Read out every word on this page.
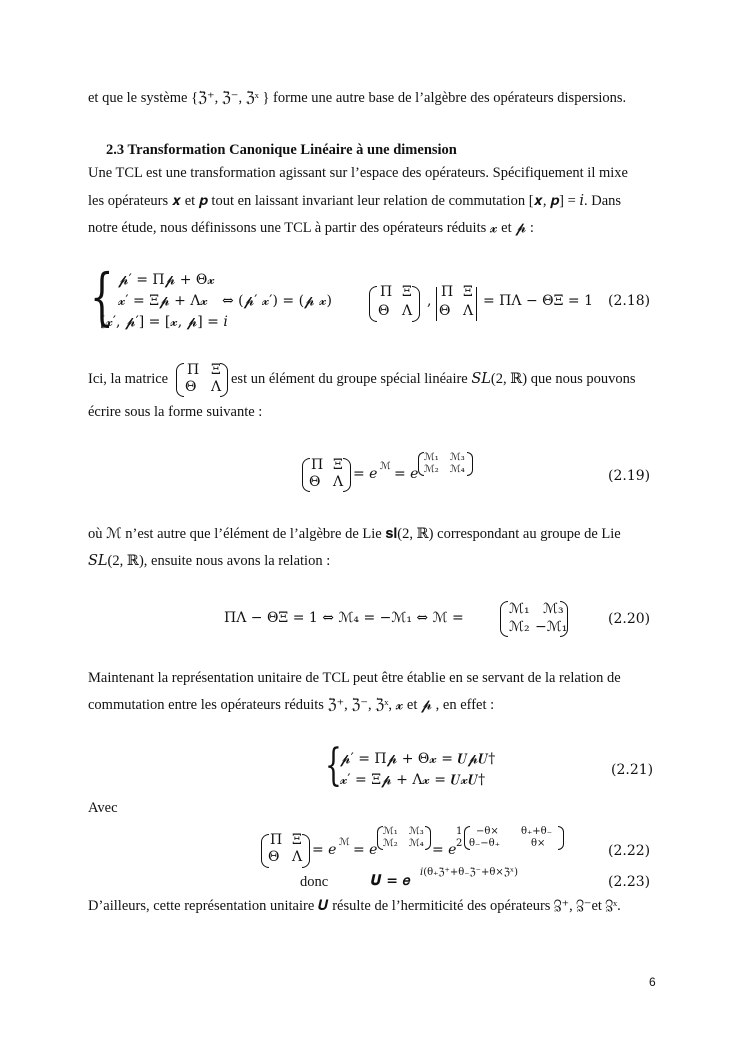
et que le système {ℨ⁺, ℨ⁻, ℨˣ } forme une autre base de l’algèbre des opérateurs dispersions.
2.3 Transformation Canonique Linéaire à une dimension
Une TCL est une transformation agissant sur l’espace des opérateurs. Spécifiquement il mixe
les opérateurs 𝒙 et 𝒑 tout en laissant invariant leur relation de commutation [𝒙, 𝒑] = 𝑖. Dans
notre étude, nous définissons une TCL à partir des opérateurs réduits 𝔁 et 𝓹 :
{ 𝓹′ = Π𝓹 + Θ𝔁
𝔁′ = Ξ𝓹 + Λ𝔁
[𝔁′, 𝓹′] = [𝔁, 𝓹] = 𝑖
⇔ (𝓹′ 𝔁′) = (𝓹 𝔁)
Π Ξ
Θ Λ
,
Π Ξ
Θ Λ
= ΠΛ − ΘΞ = 1 (2.18)
Ici, la matrice
Π Ξ
Θ Λ est un élément du groupe spécial linéaire 𝑆𝐿(2, ℝ) que nous pouvons
écrire sous la forme suivante :
Π Ξ
Θ Λ = 𝑒 ℳ = 𝑒
ℳ₁ ℳ₃
ℳ₂ ℳ₄	(2.19)
où ℳ n’est autre que l’élément de l’algèbre de Lie 𝐬𝐥(2, ℝ) correspondant au groupe de Lie
𝑆𝐿(2, ℝ), ensuite nous avons la relation :
ΠΛ − ΘΞ = 1 ⇔ ℳ₄ = −ℳ₁ ⇔ ℳ =
ℳ₁ ℳ₃
ℳ₂ −ℳ₁	(2.20)
Maintenant la représentation unitaire de TCL peut être établie en se servant de la relation de
commutation entre les opérateurs réduits ℨ⁺, ℨ⁻, ℨˣ, 𝔁 et 𝓹 , en effet :
{
𝓹′ = Π𝓹 + Θ𝔁 = 𝑼𝓹𝑼†
𝔁′ = Ξ𝓹 + Λ𝔁 = 𝑼𝔁𝑼†
(2.21)
Avec
Π Ξ
Θ Λ = 𝑒 ℳ = 𝑒
ℳ₁ ℳ₃
ℳ₂ ℳ₄ = 𝑒
1
2
−θ× θ₊+θ₋
θ₋−θ₊	θ×	(2.22)
donc	𝑼 = 𝑒
𝑖(θ₊ℨ⁺+θ₋ℨ⁻+θ×ℨˣ)
(2.23)
D’ailleurs, cette représentation unitaire 𝑼 résulte de l’hermiticité des opérateurs ℨ⁺, ℨ⁻et ℨˣ.
6
